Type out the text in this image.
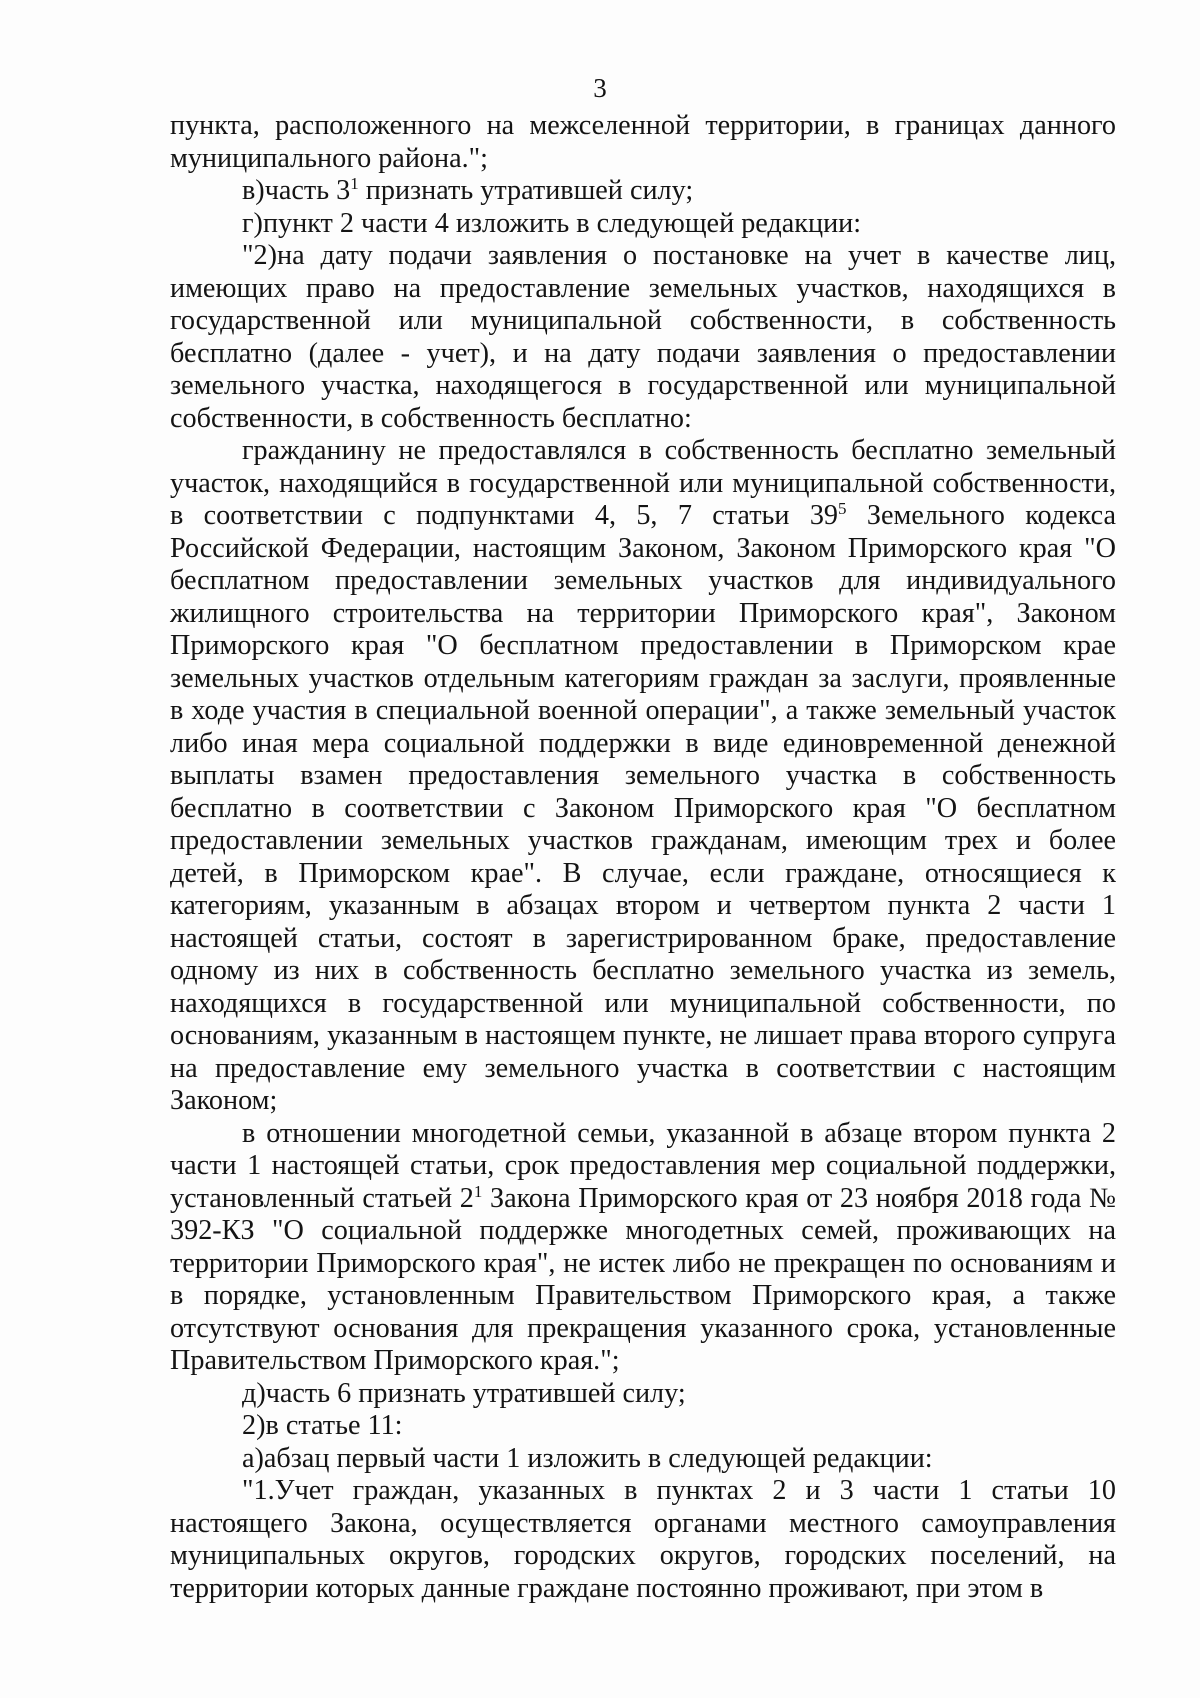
3

пункта, расположенного на межселенной территории, в границах данного муниципального района.";

в)часть $3^1$ признать утратившей силу;

г)пункт 2 части 4 изложить в следующей редакции:

"2)на дату подачи заявления о постановке на учет в качестве лиц, имеющих право на предоставление земельных участков, находящихся в государственной или муниципальной собственности, в собственность бесплатно (далее - учет), и на дату подачи заявления о предоставлении земельного участка, находящегося в государственной или муниципальной собственности, в собственность бесплатно:

гражданину не предоставлялся в собственность бесплатно земельный участок, находящийся в государственной или муниципальной собственности, в соответствии с подпунктами 4, 5, 7 статьи $39^5$ Земельного кодекса Российской Федерации, настоящим Законом, Законом Приморского края "О бесплатном предоставлении земельных участков для индивидуального жилищного строительства на территории Приморского края", Законом Приморского края "О бесплатном предоставлении в Приморском крае земельных участков отдельным категориям граждан за заслуги, проявленные в ходе участия в специальной военной операции", а также земельный участок либо иная мера социальной поддержки в виде единовременной денежной выплаты взамен предоставления земельного участка в собственность бесплатно в соответствии с Законом Приморского края "О бесплатном предоставлении земельных участков гражданам, имеющим трех и более детей, в Приморском крае". В случае, если граждане, относящиеся к категориям, указанным в абзацах втором и четвертом пункта 2 части 1 настоящей статьи, состоят в зарегистрированном браке, предоставление одному из них в собственность бесплатно земельного участка из земель, находящихся в государственной или муниципальной собственности, по основаниям, указанным в настоящем пункте, не лишает права второго супруга на предоставление ему земельного участка в соответствии с настоящим Законом;

в отношении многодетной семьи, указанной в абзаце втором пункта 2 части 1 настоящей статьи, срок предоставления мер социальной поддержки, установленный статьей $2^1$ Закона Приморского края от 23 ноября 2018 года № 392-КЗ "О социальной поддержке многодетных семей, проживающих на территории Приморского края", не истек либо не прекращен по основаниям и в порядке, установленным Правительством Приморского края, а также отсутствуют основания для прекращения указанного срока, установленные Правительством Приморского края.";

д)часть 6 признать утратившей силу;

2)в статье 11:

а)абзац первый части 1 изложить в следующей редакции:

"1.Учет граждан, указанных в пунктах 2 и 3 части 1 статьи 10 настоящего Закона, осуществляется органами местного самоуправления муниципальных округов, городских округов, городских поселений, на территории которых данные граждане постоянно проживают, при этом в
